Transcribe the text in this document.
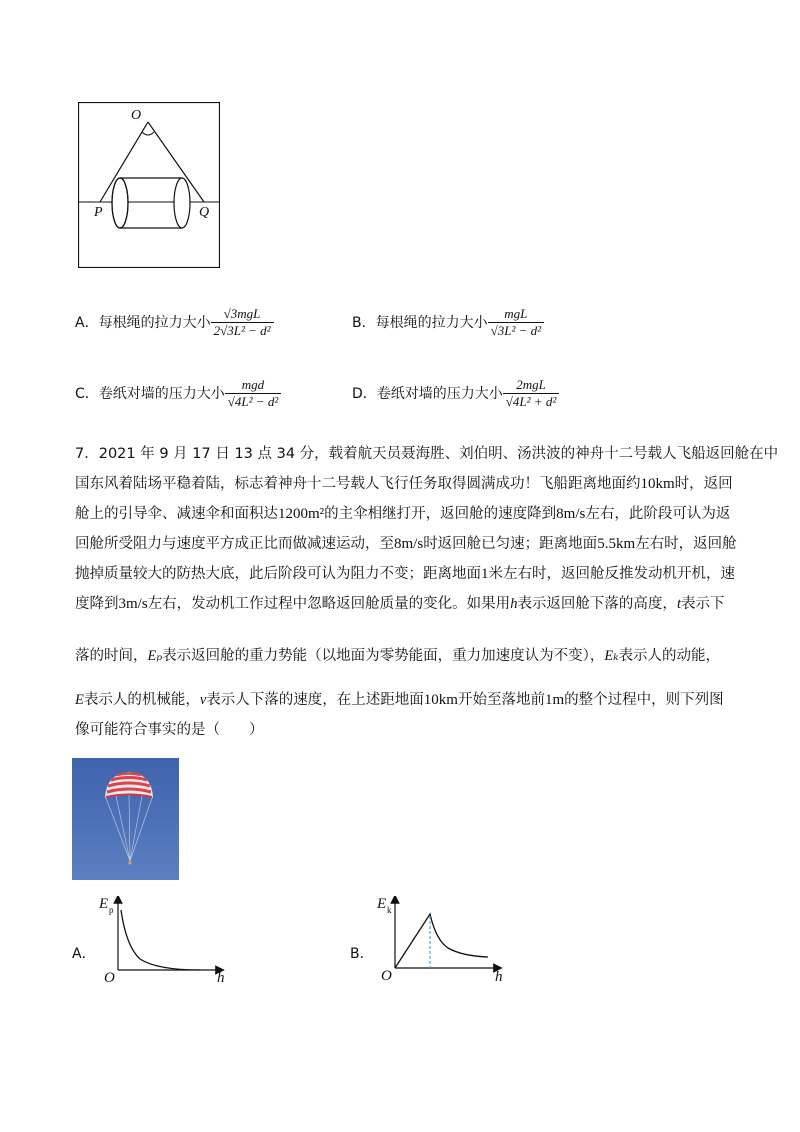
O
P	Q
A． 每根绳的拉力大小 $\frac{\text{√3mgL}}{\text{2√3L² − d²}}$	B． 每根绳的拉力大小 $\frac{\text{mgL}}{\text{√3L² − d²}}$
C． 卷纸对墙的压力大小 $\frac{\text{mgd}}{\text{√4L² − d²}}$	D． 卷纸对墙的压力大小 $\frac{\text{2mgL}}{\text{√4L² + d²}}$
7．2021 年 9 月 17 日 13 点 34 分，载着航天员聂海胜、刘伯明、汤洪波的神舟十二号载人飞船返回舱在中
国东风着陆场平稳着陆，标志着神舟十二号载人飞行任务取得圆满成功！飞船距离地面约10km时，返回
舱上的引导伞、减速伞和面积达1200m²的主伞相继打开，返回舱的速度降到8m/s左右，此阶段可认为返
回舱所受阻力与速度平方成正比而做减速运动，至8m/s时返回舱已匀速；距离地面5.5km左右时，返回舱
抛掉质量较大的防热大底，此后阶段可认为阻力不变；距离地面1米左右时，返回舱反推发动机开机，速
度降到3m/s左右，发动机工作过程中忽略返回舱质量的变化。如果用h表示返回舱下落的高度，t表示下
落的时间，Eₚ表示返回舱的重力势能（以地面为零势能面，重力加速度认为不变），Eₖ表示人的动能，
E表示人的机械能，v表示人下落的速度，在上述距地面10km开始至落地前1m的整个过程中，则下列图
像可能符合事实的是（　　）
A．
E p
O	h
B．
E k
O	h
